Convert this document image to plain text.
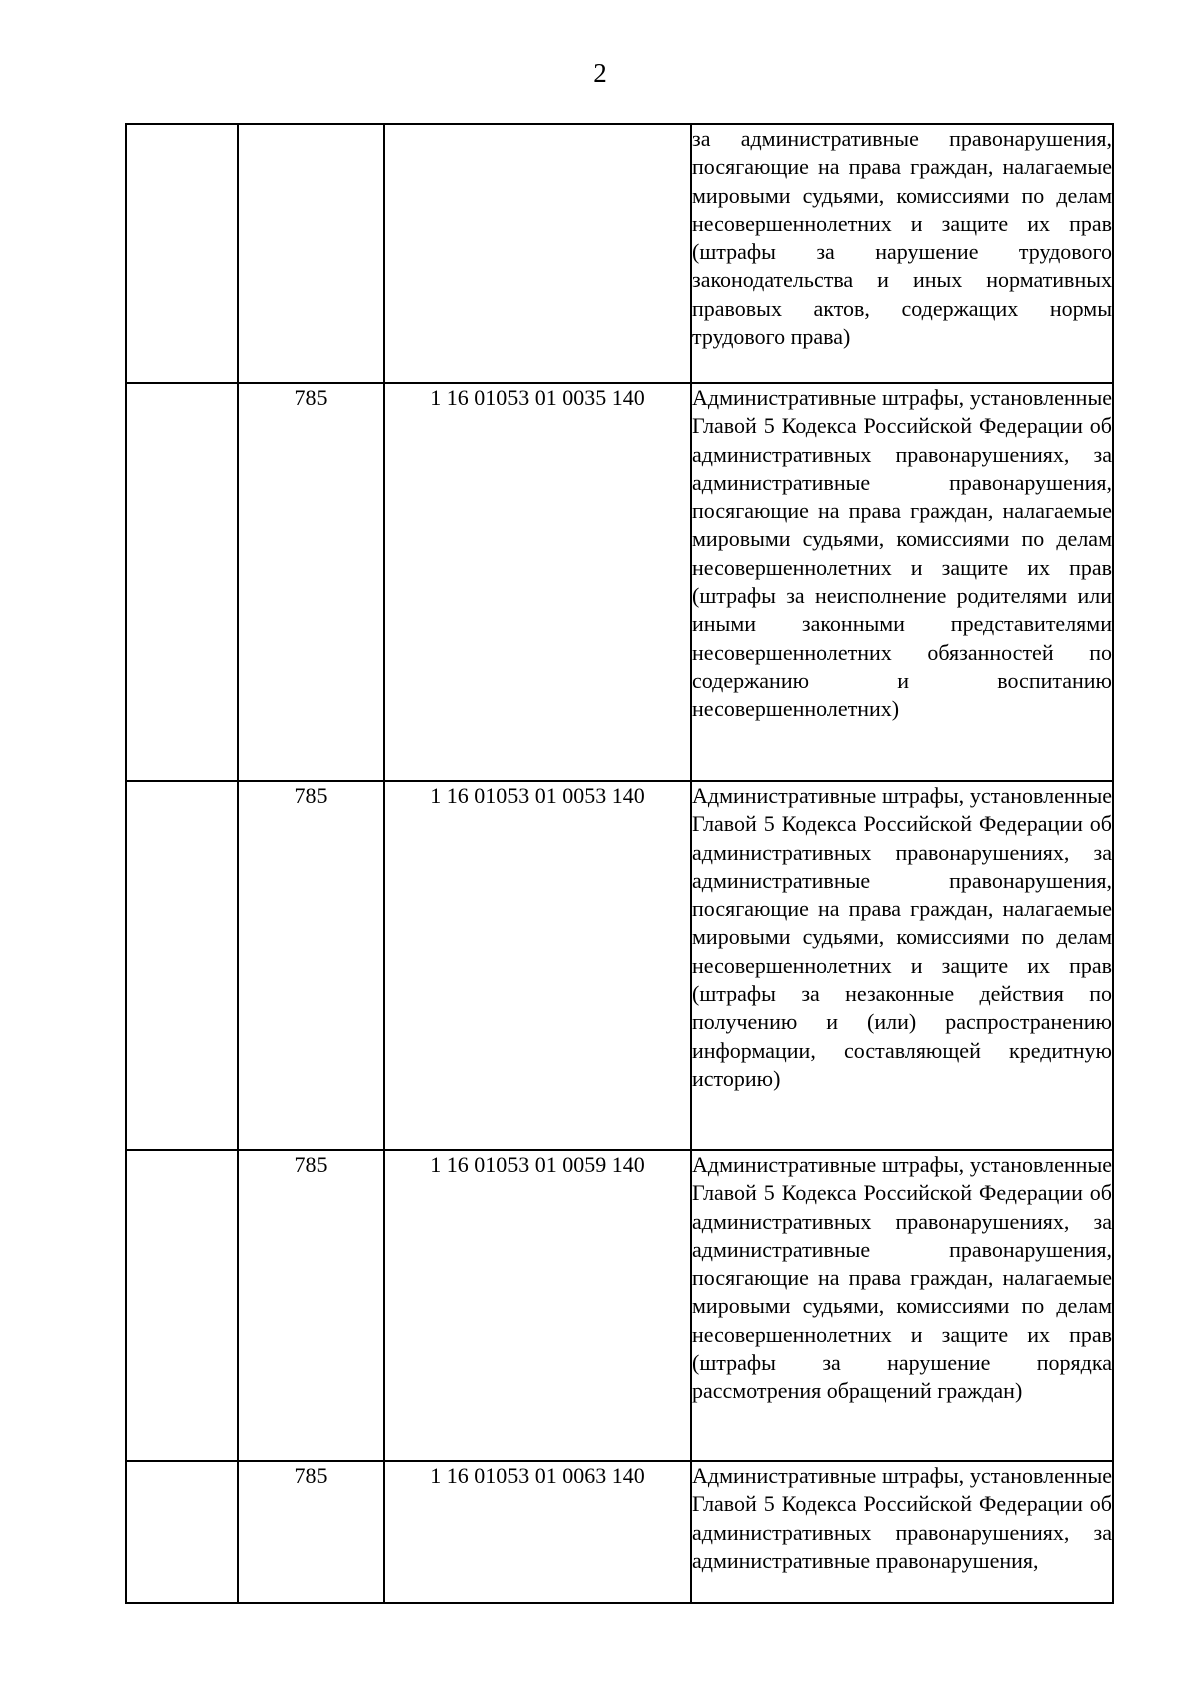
2

			за административные правонарушения, посягающие на права граждан, налагаемые мировыми судьями, комиссиями по делам несовершеннолетних и защите их прав (штрафы за нарушение трудового законодательства и иных нормативных правовых актов, содержащих нормы трудового права)

	785	1 16 01053 01 0035 140	Административные штрафы, установленные Главой 5 Кодекса Российской Федерации об административных правонарушениях, за административные правонарушения, посягающие на права граждан, налагаемые мировыми судьями, комиссиями по делам несовершеннолетних и защите их прав (штрафы за неисполнение родителями или иными законными представителями несовершеннолетних обязанностей по содержанию и воспитанию несовершеннолетних)

	785	1 16 01053 01 0053 140	Административные штрафы, установленные Главой 5 Кодекса Российской Федерации об административных правонарушениях, за административные правонарушения, посягающие на права граждан, налагаемые мировыми судьями, комиссиями по делам несовершеннолетних и защите их прав (штрафы за незаконные действия по получению и (или) распространению информации, составляющей кредитную историю)

	785	1 16 01053 01 0059 140	Административные штрафы, установленные Главой 5 Кодекса Российской Федерации об административных правонарушениях, за административные правонарушения, посягающие на права граждан, налагаемые мировыми судьями, комиссиями по делам несовершеннолетних и защите их прав (штрафы за нарушение порядка рассмотрения обращений граждан)

	785	1 16 01053 01 0063 140	Административные штрафы, установленные Главой 5 Кодекса Российской Федерации об административных правонарушениях, за административные правонарушения,
